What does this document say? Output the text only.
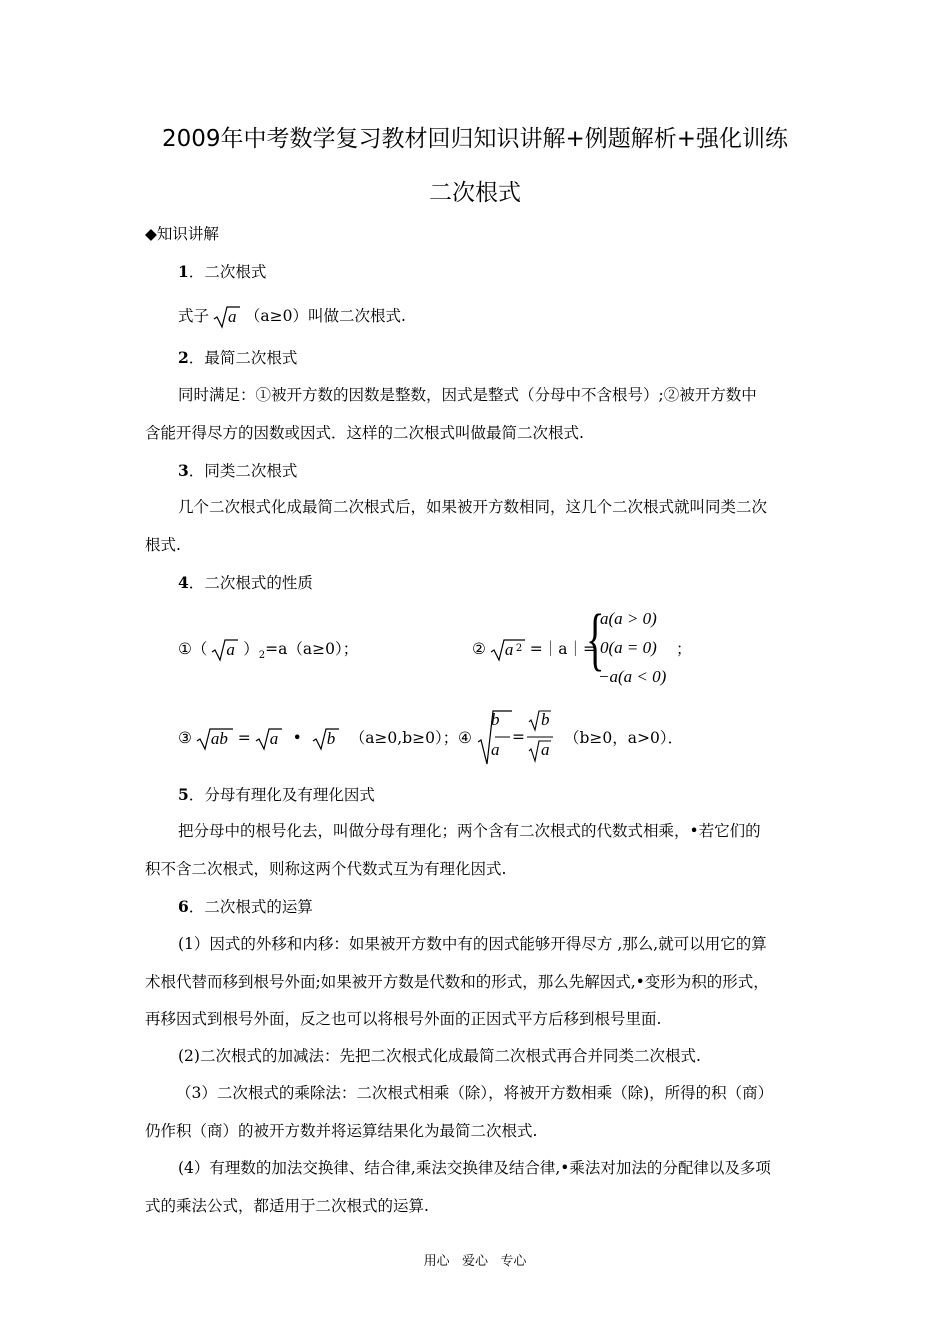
2009年中考数学复习教材回归知识讲解+例题解析+强化训练
二次根式
◆知识讲解
1．二次根式
式子 a （a≥0）叫做二次根式.
2．最简二次根式
同时满足：①被开方数的因数是整数，因式是整式（分母中不含根号）;②被开方数中
含能开得尽方的因数或因式．这样的二次根式叫做最简二次根式.
3．同类二次根式
几个二次根式化成最简二次根式后，如果被开方数相同，这几个二次根式就叫同类二次
根式.
4．二次根式的性质
①（ a ）$_2=a(a\ge 0)$；	② a 2 =｜a｜=
{
a(a > 0)
0(a = 0)
−a(a < 0)
；
③ ab = a • b （a≥0,b≥0）； ④
b
a
=
b
a
（b≥0，a>0）．
5．分母有理化及有理化因式
把分母中的根号化去，叫做分母有理化；两个含有二次根式的代数式相乘，•若它们的
积不含二次根式，则称这两个代数式互为有理化因式.
6．二次根式的运算
(1）因式的外移和内移：如果被开方数中有的因式能够开得尽方 ,那么,就可以用它的算
术根代替而移到根号外面;如果被开方数是代数和的形式，那么先解因式,•变形为积的形式，
再移因式到根号外面，反之也可以将根号外面的正因式平方后移到根号里面.
(2)二次根式的加减法：先把二次根式化成最简二次根式再合并同类二次根式.
（3）二次根式的乘除法：二次根式相乘（除），将被开方数相乘（除)，所得的积（商）
仍作积（商）的被开方数并将运算结果化为最简二次根式.
(4）有理数的加法交换律、结合律,乘法交换律及结合律,•乘法对加法的分配律以及多项
式的乘法公式，都适用于二次根式的运算.
用心   爱心   专心
